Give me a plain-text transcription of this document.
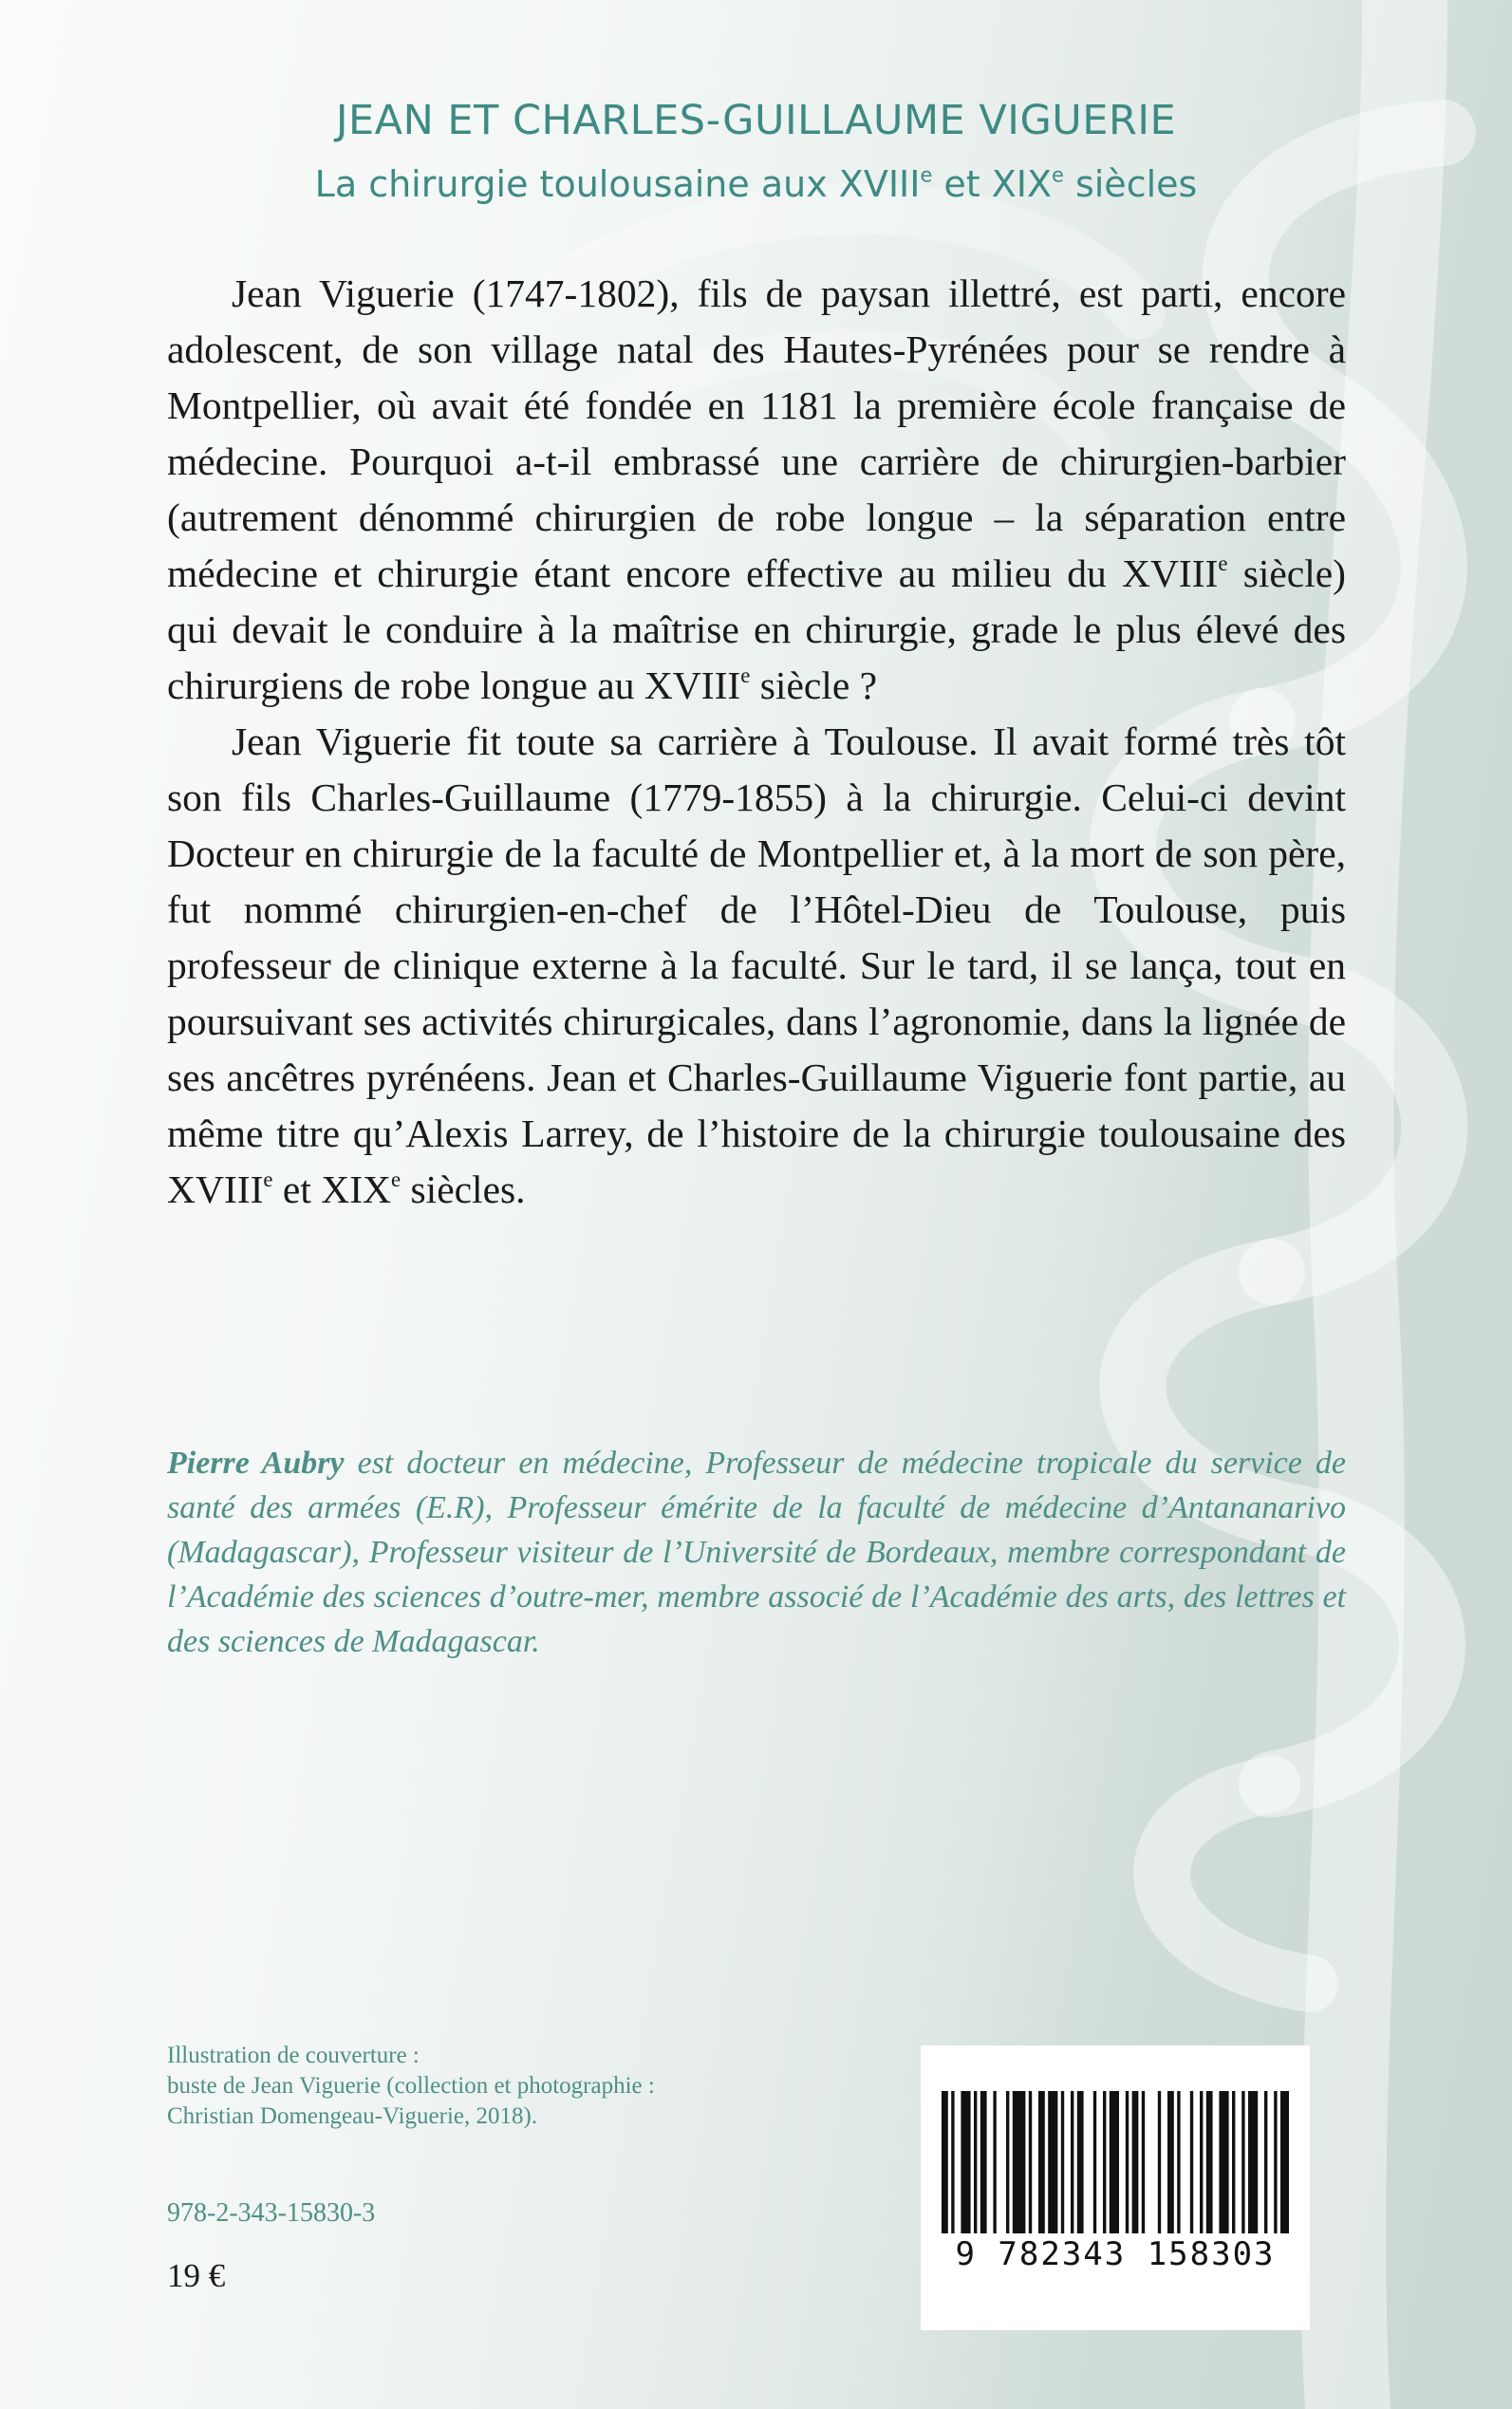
JEAN ET CHARLES-GUILLAUME VIGUERIE
La chirurgie toulousaine aux XVIIIe et XIXe siècles

Jean Viguerie (1747-1802), fils de paysan illettré, est parti, encore adolescent, de son village natal des Hautes-Pyrénées pour se rendre à Montpellier, où avait été fondée en 1181 la première école française de médecine. Pourquoi a-t-il embrassé une carrière de chirurgien-barbier (autrement dénommé chirurgien de robe longue – la séparation entre médecine et chirurgie étant encore effective au milieu du XVIIIe siècle) qui devait le conduire à la maîtrise en chirurgie, grade le plus élevé des chirurgiens de robe longue au XVIIIe siècle ?

Jean Viguerie fit toute sa carrière à Toulouse. Il avait formé très tôt son fils Charles-Guillaume (1779-1855) à la chirurgie. Celui-ci devint Docteur en chirurgie de la faculté de Montpellier et, à la mort de son père, fut nommé chirurgien-en-chef de l’Hôtel-Dieu de Toulouse, puis professeur de clinique externe à la faculté. Sur le tard, il se lança, tout en poursuivant ses activités chirurgicales, dans l’agronomie, dans la lignée de ses ancêtres pyrénéens. Jean et Charles-Guillaume Viguerie font partie, au même titre qu’Alexis Larrey, de l’histoire de la chirurgie toulousaine des XVIIIe et XIXe siècles.

Pierre Aubry est docteur en médecine, Professeur de médecine tropicale du service de santé des armées (E.R), Professeur émérite de la faculté de médecine d’Antananarivo (Madagascar), Professeur visiteur de l’Université de Bordeaux, membre correspondant de l’Académie des sciences d’outre-mer, membre associé de l’Académie des arts, des lettres et des sciences de Madagascar.
Illustration de couverture :
buste de Jean Viguerie (collection et photographie :
Christian Domengeau-Viguerie, 2018).
978-2-343-15830-3
19 €
9 782343 158303
